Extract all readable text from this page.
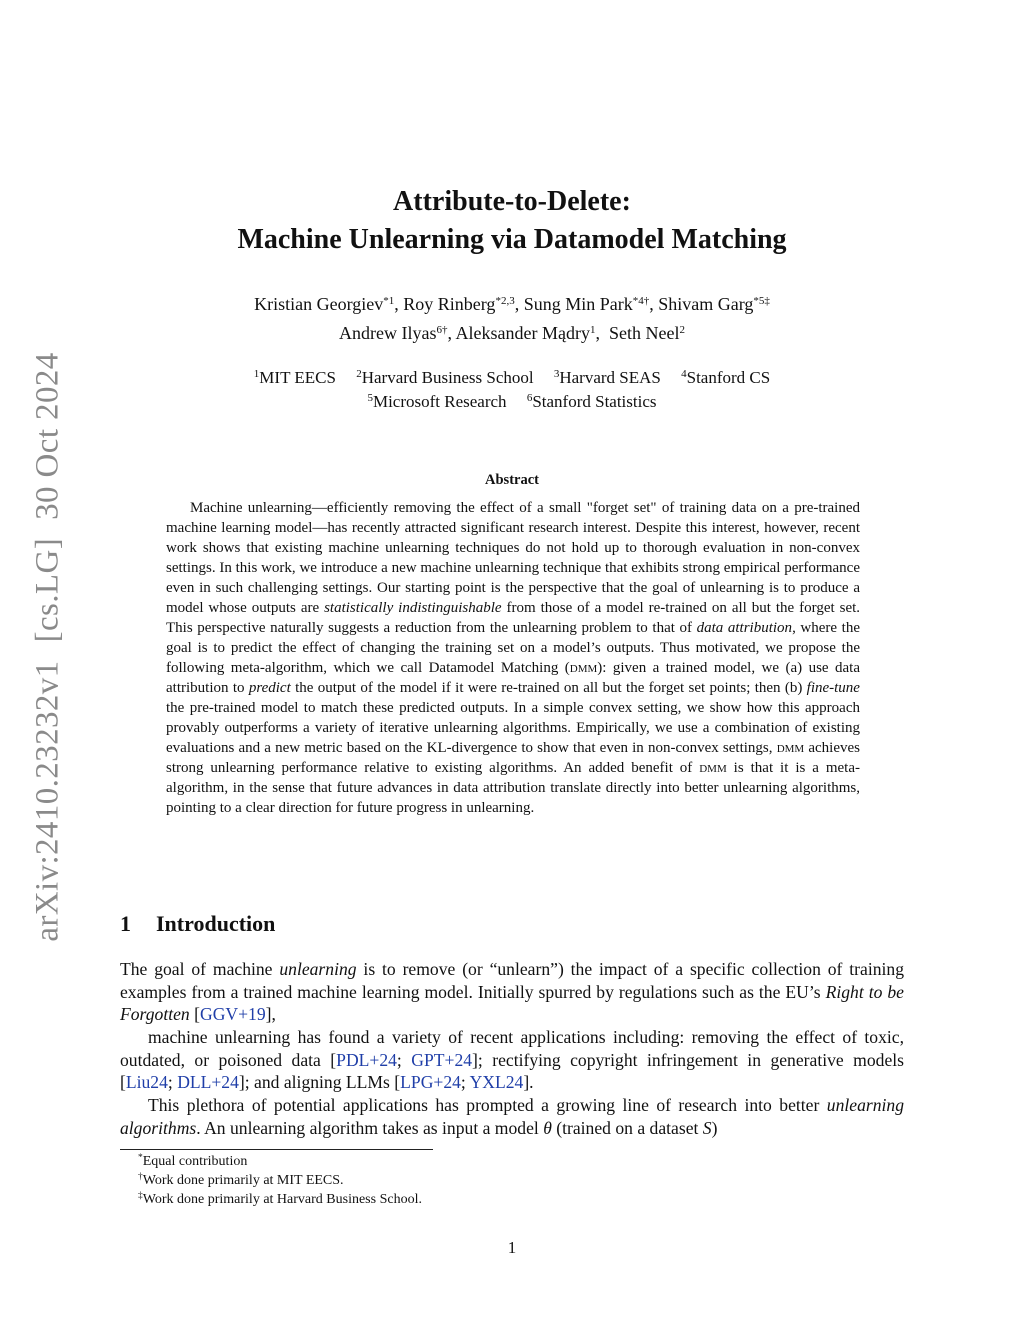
arXiv:2410.23232v1[cs.LG]30 Oct 2024
Attribute-to-Delete:
Machine Unlearning via Datamodel Matching
Kristian Georgiev$^{*1}$, Roy Rinberg$^{*2,3}$, Sung Min Park$^{*4\dagger}$, Shivam Garg$^{*5\ddagger}$
Andrew Ilyas$^{6\dagger}$, Aleksander Mądry$^1$,  Seth Neel$^2$
$^1$MIT EECS $^2$Harvard Business School $^3$Harvard SEAS $^4$Stanford CS
$^5$Microsoft Research $^6$Stanford Statistics
Abstract

Machine unlearning—efficiently removing the effect of a small "forget set" of training data on a pre-trained machine learning model—has recently attracted significant research interest. Despite this interest, however, recent work shows that existing machine unlearning techniques do not hold up to thorough evaluation in non-convex settings. In this work, we introduce a new machine unlearning technique that exhibits strong empirical performance even in such challenging settings. Our starting point is the perspective that the goal of unlearning is to produce a model whose outputs are statistically indistinguishable from those of a model re-trained on all but the forget set. This perspective naturally suggests a reduction from the unlearning problem to that of data attribution, where the goal is to predict the effect of changing the training set on a model’s outputs. Thus motivated, we propose the following meta-algorithm, which we call Datamodel Matching (dmm): given a trained model, we (a) use data attribution to predict the output of the model if it were re-trained on all but the forget set points; then (b) fine-tune the pre-trained model to match these predicted outputs. In a simple convex setting, we show how this approach provably outperforms a variety of iterative unlearning algorithms. Empirically, we use a combination of existing evaluations and a new metric based on the KL-divergence to show that even in non-convex settings, dmm achieves strong unlearning performance relative to existing algorithms. An added benefit of dmm is that it is a meta-algorithm, in the sense that future advances in data attribution translate directly into better unlearning algorithms, pointing to a clear direction for future progress in unlearning.

1 Introduction

The goal of machine unlearning is to remove (or “unlearn”) the impact of a specific collection of training examples from a trained machine learning model. Initially spurred by regulations such as the EU’s Right to be Forgotten [GGV+19],

machine unlearning has found a variety of recent applications including: removing the effect of toxic, outdated, or poisoned data [PDL+24; GPT+24]; rectifying copyright infringement in generative models [Liu24; DLL+24]; and aligning LLMs [LPG+24; YXL24].

This plethora of potential applications has prompted a growing line of research into better unlearning algorithms. An unlearning algorithm takes as input a model θ (trained on a dataset S)

*Equal contribution
†Work done primarily at MIT EECS.
‡Work done primarily at Harvard Business School.
1
